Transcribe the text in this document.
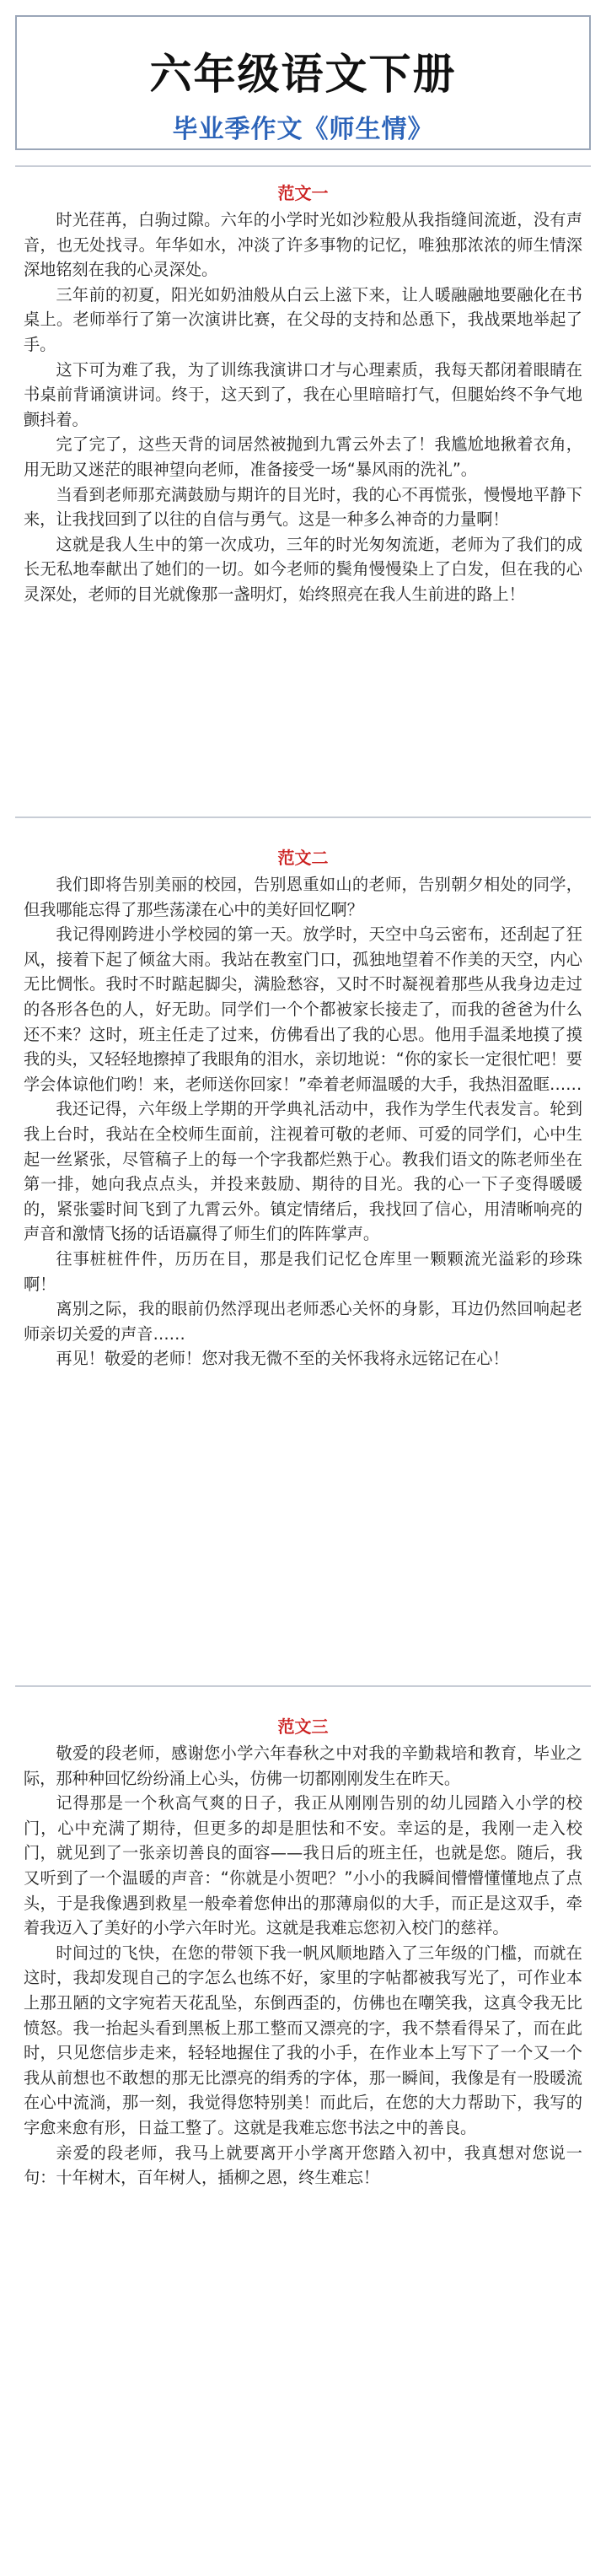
六年级语文下册
毕业季作文《师生情》
范文一

时光荏苒，白驹过隙。六年的小学时光如沙粒般从我指缝间流逝，没有声音，也无处找寻。年华如水，冲淡了许多事物的记忆，唯独那浓浓的师生情深深地铭刻在我的心灵深处。

三年前的初夏，阳光如奶油般从白云上滋下来，让人暖融融地要融化在书桌上。老师举行了第一次演讲比赛，在父母的支持和怂恿下，我战栗地举起了手。

这下可为难了我，为了训练我演讲口才与心理素质，我每天都闭着眼睛在书桌前背诵演讲词。终于，这天到了，我在心里暗暗打气，但腿始终不争气地颤抖着。

完了完了，这些天背的词居然被抛到九霄云外去了！我尴尬地揪着衣角，用无助又迷茫的眼神望向老师，准备接受一场“暴风雨的洗礼”。

当看到老师那充满鼓励与期许的目光时，我的心不再慌张，慢慢地平静下来，让我找回到了以往的自信与勇气。这是一种多么神奇的力量啊！

这就是我人生中的第一次成功，三年的时光匆匆流逝，老师为了我们的成长无私地奉献出了她们的一切。如今老师的鬓角慢慢染上了白发，但在我的心灵深处，老师的目光就像那一盏明灯，始终照亮在我人生前进的路上！

范文二

我们即将告别美丽的校园，告别恩重如山的老师，告别朝夕相处的同学，但我哪能忘得了那些荡漾在心中的美好回忆啊？

我记得刚跨进小学校园的第一天。放学时，天空中乌云密布，还刮起了狂风，接着下起了倾盆大雨。我站在教室门口，孤独地望着不作美的天空，内心无比惆怅。我时不时踮起脚尖，满脸愁容，又时不时凝视着那些从我身边走过的各形各色的人，好无助。同学们一个个都被家长接走了，而我的爸爸为什么还不来？这时，班主任走了过来，仿佛看出了我的心思。他用手温柔地摸了摸我的头，又轻轻地擦掉了我眼角的泪水，亲切地说：“你的家长一定很忙吧！要学会体谅他们哟！来，老师送你回家！”牵着老师温暖的大手，我热泪盈眶……

我还记得，六年级上学期的开学典礼活动中，我作为学生代表发言。轮到我上台时，我站在全校师生面前，注视着可敬的老师、可爱的同学们，心中生起一丝紧张，尽管稿子上的每一个字我都烂熟于心。教我们语文的陈老师坐在第一排，她向我点点头，并投来鼓励、期待的目光。我的心一下子变得暖暖的，紧张霎时间飞到了九霄云外。镇定情绪后，我找回了信心，用清晰响亮的声音和激情飞扬的话语赢得了师生们的阵阵掌声。

往事桩桩件件，历历在目，那是我们记忆仓库里一颗颗流光溢彩的珍珠啊！

离别之际，我的眼前仍然浮现出老师悉心关怀的身影，耳边仍然回响起老师亲切关爱的声音……

再见！敬爱的老师！您对我无微不至的关怀我将永远铭记在心！

范文三

敬爱的段老师，感谢您小学六年春秋之中对我的辛勤栽培和教育，毕业之际，那种种回忆纷纷涌上心头，仿佛一切都刚刚发生在昨天。

记得那是一个秋高气爽的日子，我正从刚刚告别的幼儿园踏入小学的校门，心中充满了期待，但更多的却是胆怯和不安。幸运的是，我刚一走入校门，就见到了一张亲切善良的面容——我日后的班主任，也就是您。随后，我又听到了一个温暖的声音：“你就是小贺吧？”小小的我瞬间懵懵懂懂地点了点头，于是我像遇到救星一般牵着您伸出的那薄扇似的大手，而正是这双手，牵着我迈入了美好的小学六年时光。这就是我难忘您初入校门的慈祥。

时间过的飞快，在您的带领下我一帆风顺地踏入了三年级的门槛，而就在这时，我却发现自己的字怎么也练不好，家里的字帖都被我写光了，可作业本上那丑陋的文字宛若天花乱坠，东倒西歪的，仿佛也在嘲笑我，这真令我无比愤怒。我一抬起头看到黑板上那工整而又漂亮的字，我不禁看得呆了，而在此时，只见您信步走来，轻轻地握住了我的小手，在作业本上写下了一个又一个我从前想也不敢想的那无比漂亮的绢秀的字体，那一瞬间，我像是有一股暖流在心中流淌，那一刻，我觉得您特别美！而此后，在您的大力帮助下，我写的字愈来愈有形，日益工整了。这就是我难忘您书法之中的善良。

亲爱的段老师，我马上就要离开小学离开您踏入初中，我真想对您说一句：十年树木，百年树人，插柳之恩，终生难忘！
